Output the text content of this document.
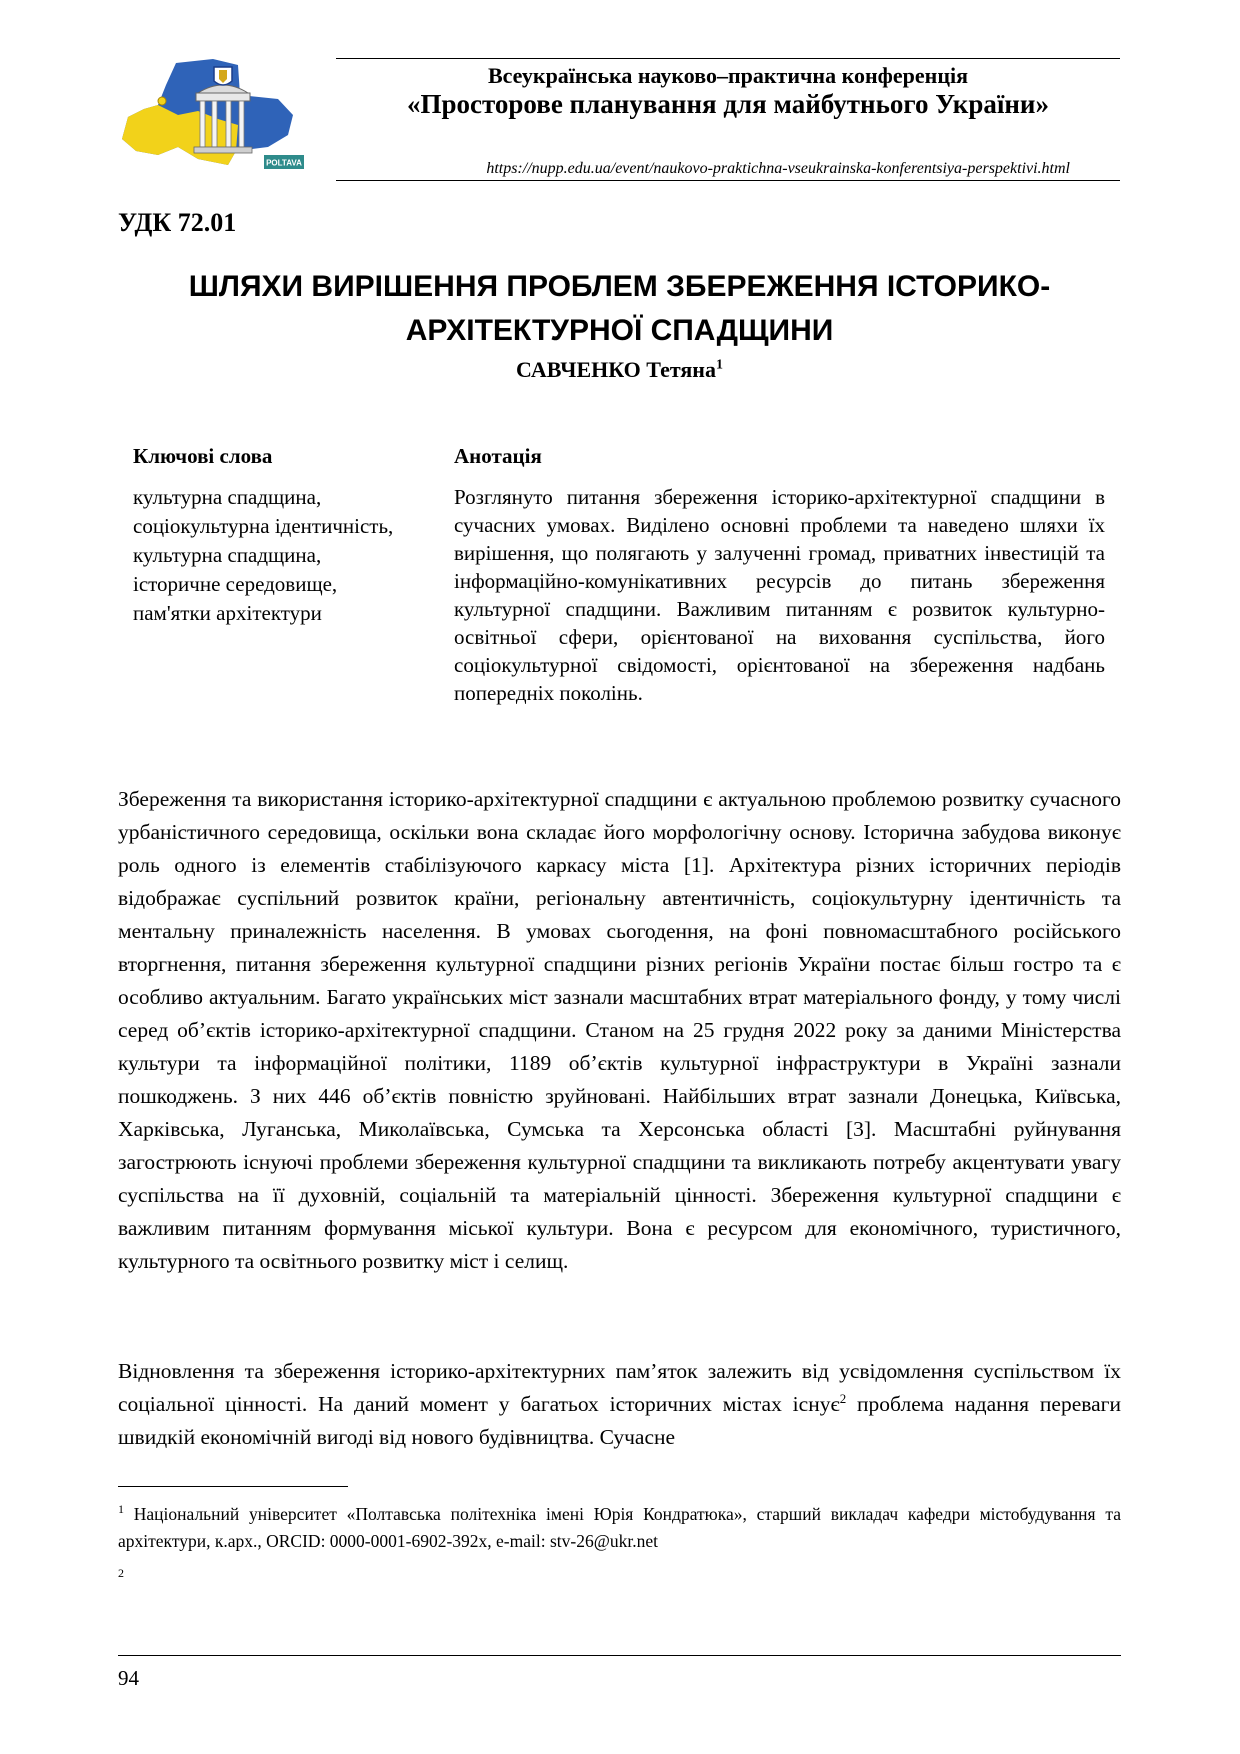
POLTAVA
Всеукраїнська науково–практична конференція
«Просторове планування для майбутнього України»
https://nupp.edu.ua/event/naukovo-praktichna-vseukrainska-konferentsiya-perspektivi.html
УДК 72.01
ШЛЯХИ ВИРІШЕННЯ ПРОБЛЕМ ЗБЕРЕЖЕННЯ ІСТОРИКО-
АРХІТЕКТУРНОЇ СПАДЩИНИ
САВЧЕНКО Тетяна$^1$
Ключові слова	Анотація
культурна спадщина,
соціокультурна ідентичність,
культурна спадщина,
історичне середовище,
пам'ятки архітектури

Розглянуто питання збереження історико-архітектурної спадщини в сучасних умовах. Виділено основні проблеми та наведено шляхи їх вирішення, що полягають у залученні громад, приватних інвестицій та інформаційно-комунікативних ресурсів до питань збереження культурної спадщини. Важливим питанням є розвиток культурно-освітньої сфери, орієнтованої на виховання суспільства, його соціокультурної свідомості, орієнтованої на збереження надбань попередніх поколінь.

Збереження та використання історико-архітектурної спадщини є актуальною проблемою розвитку сучасного урбаністичного середовища, оскільки вона складає його морфологічну основу. Історична забудова виконує роль одного із елементів стабілізуючого каркасу міста [1]. Архітектура різних історичних періодів відображає суспільний розвиток країни, регіональну автентичність, соціокультурну ідентичність та ментальну приналежність населення. В умовах сьогодення, на фоні повномасштабного російського вторгнення, питання збереження культурної спадщини різних регіонів України постає більш гостро та є особливо актуальним. Багато українських міст зазнали масштабних втрат матеріального фонду, у тому числі серед об’єктів історико-архітектурної спадщини. Станом на 25 грудня 2022 року за даними Міністерства культури та інформаційної політики, 1189 об’єктів культурної інфраструктури в Україні зазнали пошкоджень. З них 446 об’єктів повністю зруйновані. Найбільших втрат зазнали Донецька, Київська, Харківська, Луганська, Миколаївська, Сумська та Херсонська області [3]. Масштабні руйнування загострюють існуючі проблеми збереження культурної спадщини та викликають потребу акцентувати увагу суспільства на її духовній, соціальній та матеріальній цінності. Збереження культурної спадщини є важливим питанням формування міської культури. Вона є ресурсом для економічного, туристичного, культурного та освітнього розвитку міст і селищ.

Відновлення та збереження історико-архітектурних пам’яток залежить від усвідомлення суспільством їх соціальної цінності. На даний момент у багатьох історичних містах існує$^2$ проблема надання переваги швидкій економічній вигоді від нового будівництва. Сучасне

$^1$ Національний університет «Полтавська політехніка імені Юрія Кондратюка», старший викладач кафедри містобудування та архітектури, к.арх., ORCID: 0000-0001-6902-392x, e-mail: stv-26@ukr.net

2
94
